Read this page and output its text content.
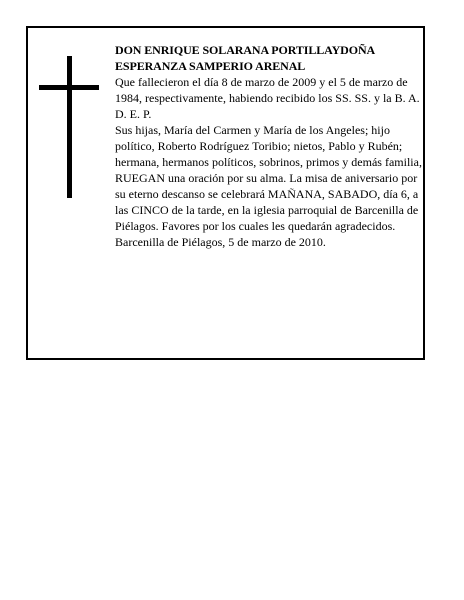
DON ENRIQUE SOLARANA PORTILLAYDOÑA ESPERANZA SAMPERIO ARENAL

Que fallecieron el día 8 de marzo de 2009 y el 5 de marzo de 1984, respectivamente, habiendo recibido los SS. SS. y la B. A.

D. E. P.

Sus hijas, María del Carmen y María de los Angeles; hijo político, Roberto Rodríguez Toribio; nietos, Pablo y Rubén; hermana, hermanos políticos, sobrinos, primos y demás familia,

RUEGAN una oración por su alma. La misa de aniversario por su eterno descanso se celebrará MAÑANA, SABADO, día 6, a las CINCO de la tarde, en la iglesia parroquial de Barcenilla de Piélagos. Favores por los cuales les quedarán agradecidos.

Barcenilla de Piélagos, 5 de marzo de 2010.
